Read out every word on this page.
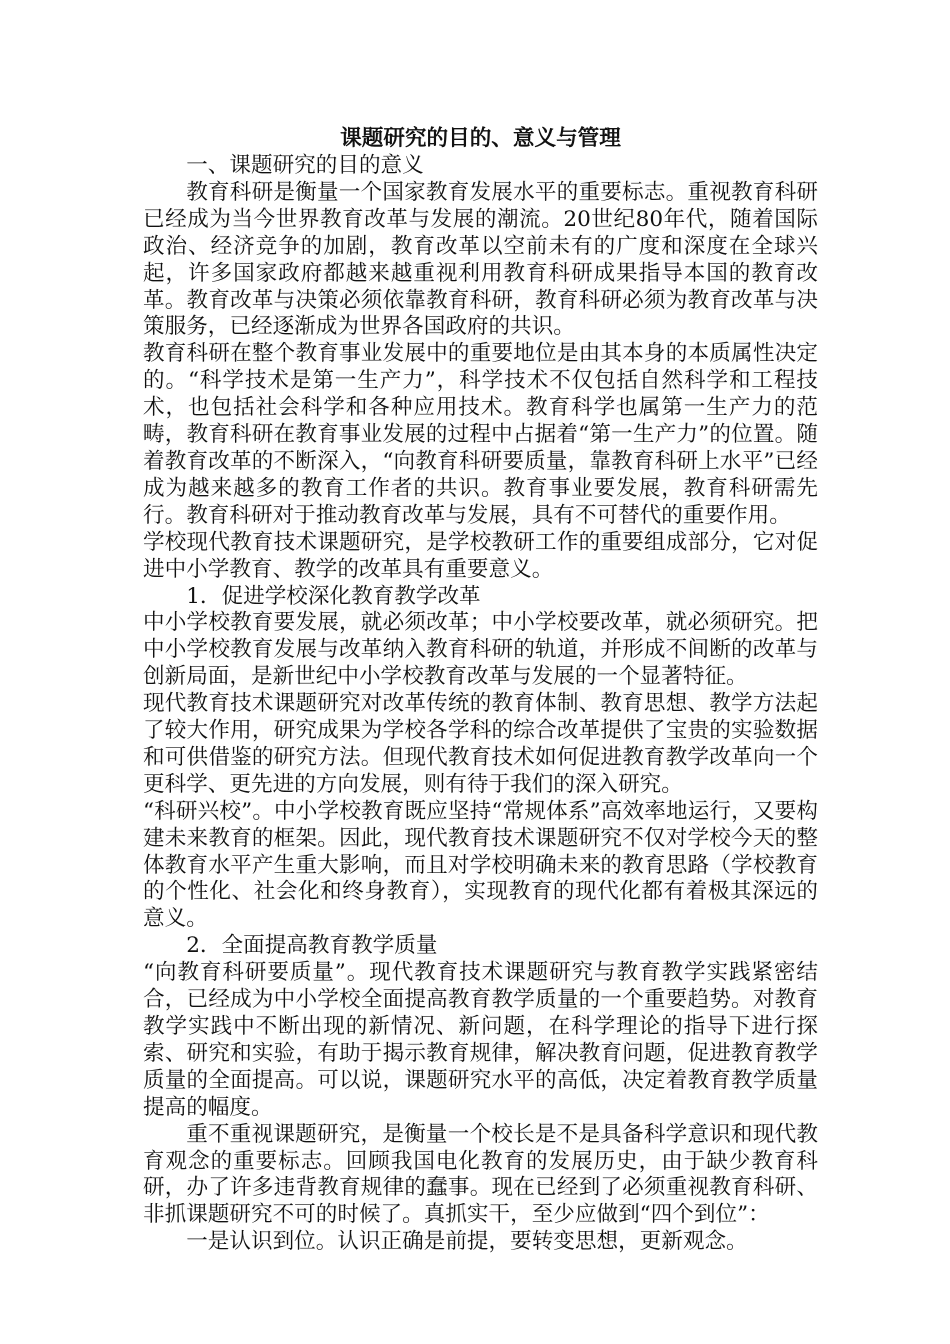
课题研究的目的、意义与管理

一、课题研究的目的意义

教育科研是衡量一个国家教育发展水平的重要标志。重视教育科研已经成为当今世界教育改革与发展的潮流。20世纪80年代，随着国际政治、经济竞争的加剧，教育改革以空前未有的广度和深度在全球兴起，许多国家政府都越来越重视利用教育科研成果指导本国的教育改革。教育改革与决策必须依靠教育科研，教育科研必须为教育改革与决策服务，已经逐渐成为世界各国政府的共识。

教育科研在整个教育事业发展中的重要地位是由其本身的本质属性决定的。“科学技术是第一生产力”，科学技术不仅包括自然科学和工程技术，也包括社会科学和各种应用技术。教育科学也属第一生产力的范畴，教育科研在教育事业发展的过程中占据着“第一生产力”的位置。随着教育改革的不断深入，“向教育科研要质量，靠教育科研上水平”已经成为越来越多的教育工作者的共识。教育事业要发展，教育科研需先行。教育科研对于推动教育改革与发展，具有不可替代的重要作用。

学校现代教育技术课题研究，是学校教研工作的重要组成部分，它对促进中小学教育、教学的改革具有重要意义。

1．促进学校深化教育教学改革

中小学校教育要发展，就必须改革；中小学校要改革，就必须研究。把中小学校教育发展与改革纳入教育科研的轨道，并形成不间断的改革与创新局面，是新世纪中小学校教育改革与发展的一个显著特征。

现代教育技术课题研究对改革传统的教育体制、教育思想、教学方法起了较大作用，研究成果为学校各学科的综合改革提供了宝贵的实验数据和可供借鉴的研究方法。但现代教育技术如何促进教育教学改革向一个更科学、更先进的方向发展，则有待于我们的深入研究。

“科研兴校”。中小学校教育既应坚持“常规体系”高效率地运行，又要构建未来教育的框架。因此，现代教育技术课题研究不仅对学校今天的整体教育水平产生重大影响，而且对学校明确未来的教育思路（学校教育的个性化、社会化和终身教育），实现教育的现代化都有着极其深远的意义。

2．全面提高教育教学质量

“向教育科研要质量”。现代教育技术课题研究与教育教学实践紧密结合，已经成为中小学校全面提高教育教学质量的一个重要趋势。对教育教学实践中不断出现的新情况、新问题，在科学理论的指导下进行探索、研究和实验，有助于揭示教育规律，解决教育问题，促进教育教学质量的全面提高。可以说，课题研究水平的高低，决定着教育教学质量提高的幅度。

重不重视课题研究，是衡量一个校长是不是具备科学意识和现代教育观念的重要标志。回顾我国电化教育的发展历史，由于缺少教育科研，办了许多违背教育规律的蠢事。现在已经到了必须重视教育科研、非抓课题研究不可的时候了。真抓实干，至少应做到“四个到位”：

一是认识到位。认识正确是前提，要转变思想，更新观念。
